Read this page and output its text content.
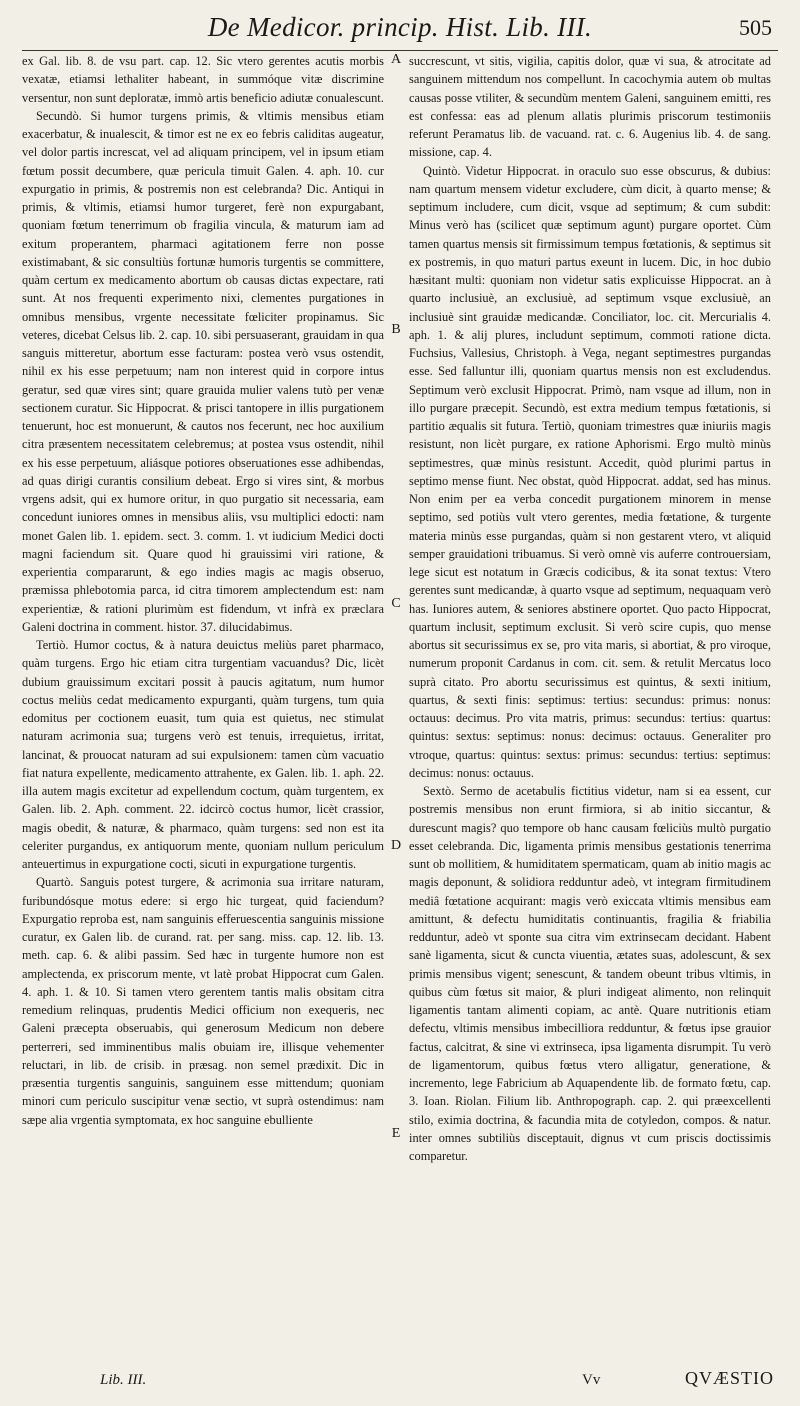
De Medicor. princip. Hist. Lib. III.	505

ex Gal. lib. 8. de vsu part. cap. 12. Sic vtero gerentes acutis morbis vexatæ, etiamsi lethaliter habeant, in summóque vitæ discrimine versentur, non sunt deploratæ, immò artis beneficio adiutæ conualescunt.

Secundò. Si humor turgens primis, & vltimis mensibus etiam exacerbatur, & inualescit, & timor est ne ex eo febris caliditas augeatur, vel dolor partis increscat, vel ad aliquam principem, vel in ipsum etiam fœtum possit decumbere, quæ pericula timuit Galen. 4. aph. 10. cur expurgatio in primis, & postremis non est celebranda? Dic. Antiqui in primis, & vltimis, etiamsi humor turgeret, ferè non expurgabant, quoniam fœtum tenerrimum ob fragilia vincula, & maturum iam ad exitum properantem, pharmaci agitationem ferre non posse existimabant, & sic consultiùs fortunæ humoris turgentis se committere, quàm certum ex medicamento abortum ob causas dictas expectare, rati sunt. At nos frequenti experimento nixi, clementes purgationes in omnibus mensibus, vrgente necessitate fœliciter propinamus. Sic veteres, dicebat Celsus lib. 2. cap. 10. sibi persuaserant, grauidam in qua sanguis mitteretur, abortum esse facturam: postea verò vsus ostendit, nihil ex his esse perpetuum; nam non interest quid in corpore intus geratur, sed quæ vires sint; quare grauida mulier valens tutò per venæ sectionem curatur. Sic Hippocrat. & prisci tantopere in illis purgationem tenuerunt, hoc est monuerunt, & cautos nos fecerunt, nec hoc auxilium citra præsentem necessitatem celebremus; at postea vsus ostendit, nihil ex his esse perpetuum, aliásque potiores obseruationes esse adhibendas, ad quas dirigi curantis consilium debeat. Ergo si vires sint, & morbus vrgens adsit, qui ex humore oritur, in quo purgatio sit necessaria, eam concedunt iuniores omnes in mensibus aliis, vsu multiplici edocti: nam monet Galen lib. 1. epidem. sect. 3. comm. 1. vt iudicium Medici docti magni faciendum sit. Quare quod hi grauissimi viri ratione, & experientia compararunt, & ego indies magis ac magis obseruo, præmissa phlebotomia parca, id citra timorem amplectendum est: nam experientiæ, & rationi plurimùm est fidendum, vt infrà ex præclara Galeni doctrina in comment. histor. 37. dilucidabimus.

Tertiò. Humor coctus, & à natura deuictus meliùs paret pharmaco, quàm turgens. Ergo hic etiam citra turgentiam vacuandus? Dic, licèt dubium grauissimum excitari possit à paucis agitatum, num humor coctus meliùs cedat medicamento expurganti, quàm turgens, tum quia edomitus per coctionem euasit, tum quia est quietus, nec stimulat naturam acrimonia sua; turgens verò est tenuis, irrequietus, irritat, lancinat, & prouocat naturam ad sui expulsionem: tamen cùm vacuatio fiat natura expellente, medicamento attrahente, ex Galen. lib. 1. aph. 22. illa autem magis excitetur ad expellendum coctum, quàm turgentem, ex Galen. lib. 2. Aph. comment. 22. idcircò coctus humor, licèt crassior, magis obedit, & naturæ, & pharmaco, quàm turgens: sed non est ita celeriter purgandus, ex antiquorum mente, quoniam nullum periculum anteuertimus in expurgatione cocti, sicuti in expurgatione turgentis.

Quartò. Sanguis potest turgere, & acrimonia sua irritare naturam, furibundósque motus edere: si ergo hic turgeat, quid faciendum? Expurgatio reproba est, nam sanguinis efferuescentia sanguinis missione curatur, ex Galen lib. de curand. rat. per sang. miss. cap. 12. lib. 13. meth. cap. 6. & alibi passim. Sed hæc in turgente humore non est amplectenda, ex priscorum mente, vt latè probat Hippocrat cum Galen. 4. aph. 1. & 10. Si tamen vtero gerentem tantis malis obsitam citra remedium relinquas, prudentis Medici officium non exequeris, nec Galeni præcepta obseruabis, qui generosum Medicum non debere perterreri, sed imminentibus malis obuiam ire, illisque vehementer reluctari, in lib. de crisib. in præsag. non semel prædixit. Dic in præsentia turgentis sanguinis, sanguinem esse mittendum; quoniam minori cum periculo suscipitur venæ sectio, vt suprà ostendimus: nam sæpe alia vrgentia symptomata, ex hoc sanguine ebulliente

A
B
C
D
E

succrescunt, vt sitis, vigilia, capitis dolor, quæ vi sua, & atrocitate ad sanguinem mittendum nos compellunt. In cacochymia autem ob multas causas posse vtiliter, & secundùm mentem Galeni, sanguinem emitti, res est confessa: eas ad plenum allatis plurimis priscorum testimoniis referunt Peramatus lib. de vacuand. rat. c. 6. Augenius lib. 4. de sang. missione, cap. 4.

Quintò. Videtur Hippocrat. in oraculo suo esse obscurus, & dubius: nam quartum mensem videtur excludere, cùm dicit, à quarto mense; & septimum includere, cum dicit, vsque ad septimum; & cum subdit: Minus verò has (scilicet quæ septimum agunt) purgare oportet. Cùm tamen quartus mensis sit firmissimum tempus fœtationis, & septimus sit ex postremis, in quo maturi partus exeunt in lucem. Dic, in hoc dubio hæsitant multi: quoniam non videtur satis explicuisse Hippocrat. an à quarto inclusiuè, an exclusiuè, ad septimum vsque exclusiuè, an inclusiuè sint grauidæ medicandæ. Conciliator, loc. cit. Mercurialis 4. aph. 1. & alij plures, includunt septimum, commoti ratione dicta. Fuchsius, Vallesius, Christoph. à Vega, negant septimestres purgandas esse. Sed falluntur illi, quoniam quartus mensis non est excludendus. Septimum verò exclusit Hippocrat. Primò, nam vsque ad illum, non in illo purgare præcepit. Secundò, est extra medium tempus fœtationis, si partitio æqualis sit futura. Tertiò, quoniam trimestres quæ iniuriis magis resistunt, non licèt purgare, ex ratione Aphorismi. Ergo multò minùs septimestres, quæ minùs resistunt. Accedit, quòd plurimi partus in septimo mense fiunt. Nec obstat, quòd Hippocrat. addat, sed has minus. Non enim per ea verba concedit purgationem minorem in mense septimo, sed potiùs vult vtero gerentes, media fœtatione, & turgente materia minùs esse purgandas, quàm si non gestarent vtero, vt aliquid semper grauidationi tribuamus. Si verò omnè vis auferre controuersiam, lege sicut est notatum in Græcis codicibus, & ita sonat textus: Vtero gerentes sunt medicandæ, à quarto vsque ad septimum, nequaquam verò has. Iuniores autem, & seniores abstinere oportet. Quo pacto Hippocrat, quartum inclusit, septimum exclusit. Si verò scire cupis, quo mense abortus sit securissimus ex se, pro vita maris, si abortiat, & pro viroque, numerum proponit Cardanus in com. cit. sem. & retulit Mercatus loco suprà citato. Pro abortu securissimus est quintus, & sexti initium, quartus, & sexti finis: septimus: tertius: secundus: primus: nonus: octauus: decimus. Pro vita matris, primus: secundus: tertius: quartus: quintus: sextus: septimus: nonus: decimus: octauus. Generaliter pro vtroque, quartus: quintus: sextus: primus: secundus: tertius: septimus: decimus: nonus: octauus.

Sextò. Sermo de acetabulis fictitius videtur, nam si ea essent, cur postremis mensibus non erunt firmiora, si ab initio siccantur, & durescunt magis? quo tempore ob hanc causam fœliciùs multò purgatio esset celebranda. Dic, ligamenta primis mensibus gestationis tenerrima sunt ob mollitiem, & humiditatem spermaticam, quam ab initio magis ac magis deponunt, & solidiora redduntur adeò, vt integram firmitudinem mediâ fœtatione acquirant: magis verò exiccata vltimis mensibus eam amittunt, & defectu humiditatis continuantis, fragilia & friabilia redduntur, adeò vt sponte sua citra vim extrinsecam decidant. Habent sanè ligamenta, sicut & cuncta viuentia, ætates suas, adolescunt, & sex primis mensibus vigent; senescunt, & tandem obeunt tribus vltimis, in quibus cùm fœtus sit maior, & pluri indigeat alimento, non relinquit ligamentis tantam alimenti copiam, ac antè. Quare nutritionis etiam defectu, vltimis mensibus imbecilliora redduntur, & fœtus ipse grauior factus, calcitrat, & sine vi extrinseca, ipsa ligamenta disrumpit. Tu verò de ligamentorum, quibus fœtus vtero alligatur, generatione, & incremento, lege Fabricium ab Aquapendente lib. de formato fœtu, cap. 3. Ioan. Riolan. Filium lib. Anthropograph. cap. 2. qui præexcellenti stilo, eximia doctrina, & facundia mita de cotyledon, compos. & natur. inter omnes subtiliùs disceptauit, dignus vt cum priscis doctissimis comparetur.

Lib. III.	Vv	QVÆSTIO
